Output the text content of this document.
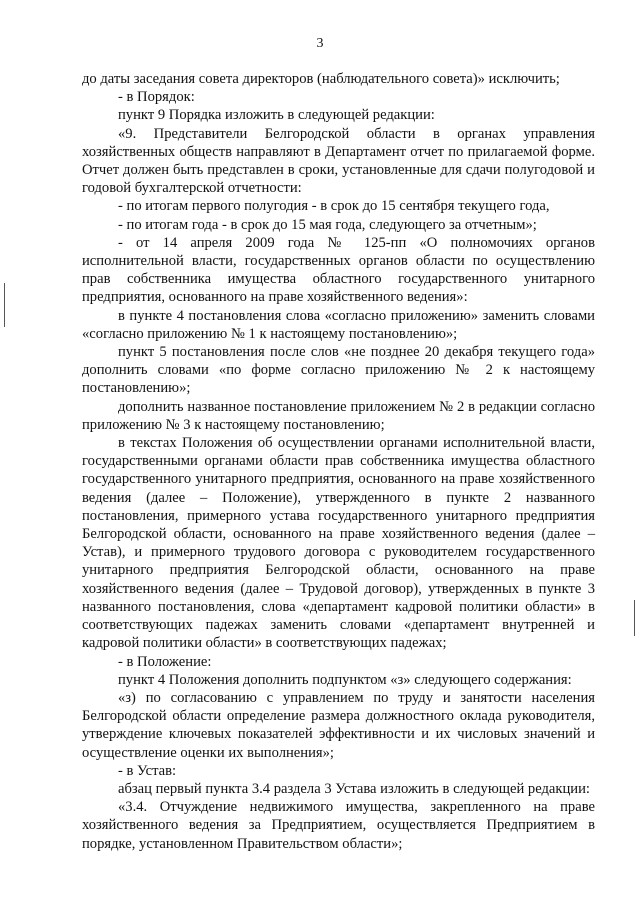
3

до даты заседания совета директоров (наблюдательного совета)» исключить;

- в Порядок:

пункт 9 Порядка изложить в следующей редакции:

«9. Представители Белгородской области в органах управления хозяйственных обществ направляют в Департамент отчет по прилагаемой форме. Отчет должен быть представлен в сроки, установленные для сдачи полугодовой и годовой бухгалтерской отчетности:

- по итогам первого полугодия - в срок до 15 сентября текущего года,

- по итогам года - в срок до 15 мая года, следующего за отчетным»;

- от 14 апреля 2009 года № 125-пп «О полномочиях органов исполнительной власти, государственных органов области по осуществлению прав собственника имущества областного государственного унитарного предприятия, основанного на праве хозяйственного ведения»:

в пункте 4 постановления слова «согласно приложению» заменить словами «согласно приложению № 1 к настоящему постановлению»;

пункт 5 постановления после слов «не позднее 20 декабря текущего года» дополнить словами «по форме согласно приложению № 2 к настоящему постановлению»;

дополнить названное постановление приложением № 2 в редакции согласно приложению № 3 к настоящему постановлению;

в текстах Положения об осуществлении органами исполнительной власти, государственными органами области прав собственника имущества областного государственного унитарного предприятия, основанного на праве хозяйственного ведения (далее – Положение), утвержденного в пункте 2 названного постановления, примерного устава государственного унитарного предприятия Белгородской области, основанного на праве хозяйственного ведения (далее – Устав), и примерного трудового договора с руководителем государственного унитарного предприятия Белгородской области, основанного на праве хозяйственного ведения (далее – Трудовой договор), утвержденных в пункте 3 названного постановления, слова «департамент кадровой политики области» в соответствующих падежах заменить словами «департамент внутренней и кадровой политики области» в соответствующих падежах;

- в Положение:

пункт 4 Положения дополнить подпунктом «з» следующего содержания:

«з) по согласованию с управлением по труду и занятости населения Белгородской области определение размера должностного оклада руководителя, утверждение ключевых показателей эффективности и их числовых значений и осуществление оценки их выполнения»;

- в Устав:

абзац первый пункта 3.4 раздела 3 Устава изложить в следующей редакции:

«3.4. Отчуждение недвижимого имущества, закрепленного на праве хозяйственного ведения за Предприятием, осуществляется Предприятием в порядке, установленном Правительством области»;
